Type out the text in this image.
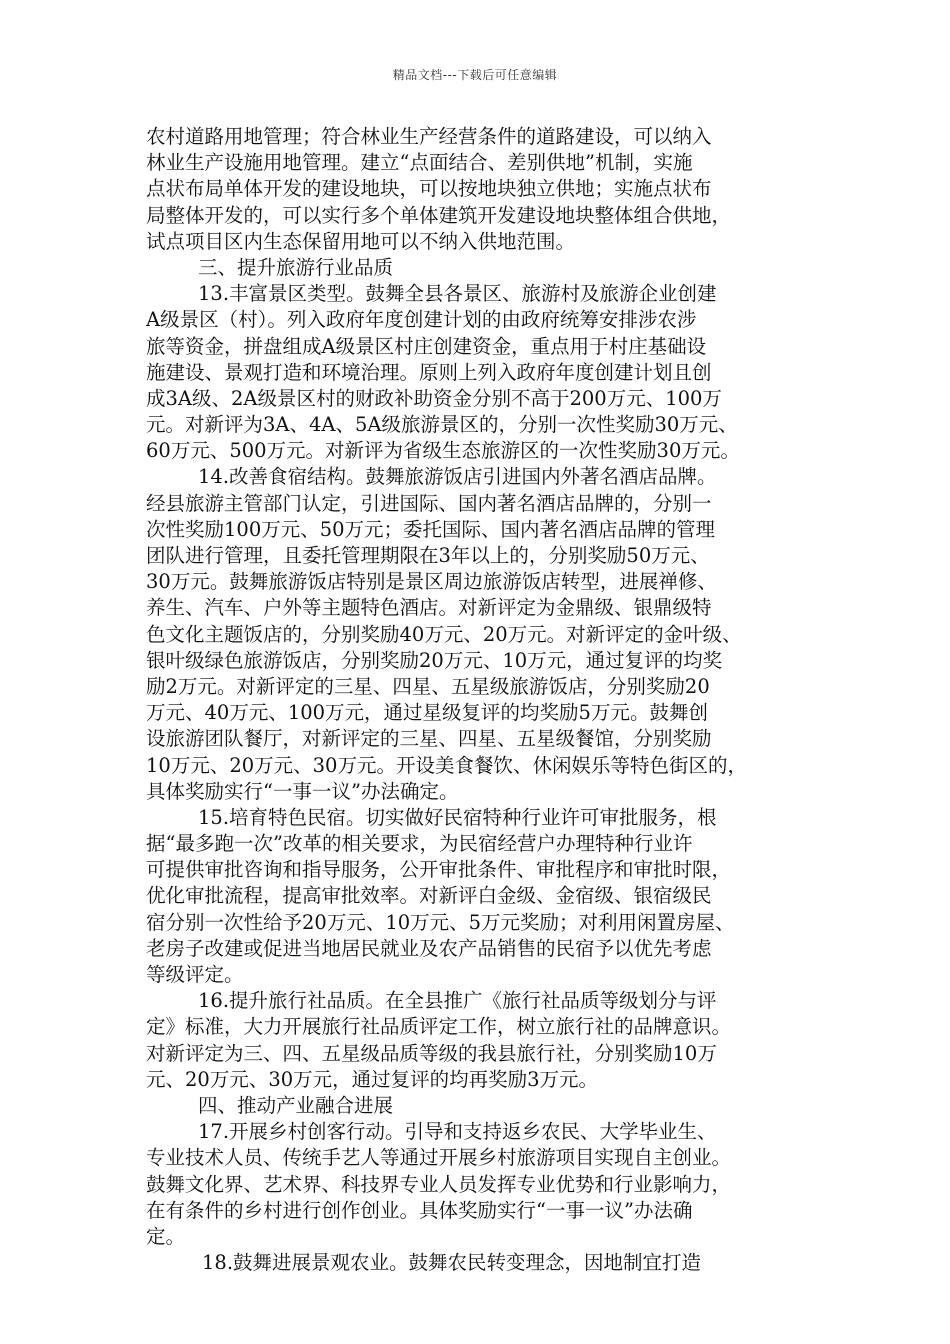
精品文档---下载后可任意编辑
农村道路用地管理；符合林业生产经营条件的道路建设，可以纳入
林业生产设施用地管理。建立“点面结合、差别供地”机制，实施
点状布局单体开发的建设地块，可以按地块独立供地；实施点状布
局整体开发的，可以实行多个单体建筑开发建设地块整体组合供地，
试点项目区内生态保留用地可以不纳入供地范围。
三、提升旅游行业品质
13.丰富景区类型。鼓舞全县各景区、旅游村及旅游企业创建
A级景区（村）。列入政府年度创建计划的由政府统筹安排涉农涉
旅等资金，拼盘组成A级景区村庄创建资金，重点用于村庄基础设
施建设、景观打造和环境治理。原则上列入政府年度创建计划且创
成3A级、2A级景区村的财政补助资金分别不高于200万元、100万
元。对新评为3A、4A、5A级旅游景区的，分别一次性奖励30万元、
60万元、500万元。对新评为省级生态旅游区的一次性奖励30万元。
14.改善食宿结构。鼓舞旅游饭店引进国内外著名酒店品牌。
经县旅游主管部门认定，引进国际、国内著名酒店品牌的，分别一
次性奖励100万元、50万元；委托国际、国内著名酒店品牌的管理
团队进行管理，且委托管理期限在3年以上的，分别奖励50万元、
30万元。鼓舞旅游饭店特别是景区周边旅游饭店转型，进展禅修、
养生、汽车、户外等主题特色酒店。对新评定为金鼎级、银鼎级特
色文化主题饭店的，分别奖励40万元、20万元。对新评定的金叶级、
银叶级绿色旅游饭店，分别奖励20万元、10万元，通过复评的均奖
励2万元。对新评定的三星、四星、五星级旅游饭店，分别奖励20
万元、40万元、100万元，通过星级复评的均奖励5万元。鼓舞创
设旅游团队餐厅，对新评定的三星、四星、五星级餐馆，分别奖励
10万元、20万元、30万元。开设美食餐饮、休闲娱乐等特色街区的，
具体奖励实行“一事一议”办法确定。
15.培育特色民宿。切实做好民宿特种行业许可审批服务，根
据“最多跑一次”改革的相关要求，为民宿经营户办理特种行业许
可提供审批咨询和指导服务，公开审批条件、审批程序和审批时限，
优化审批流程，提高审批效率。对新评白金级、金宿级、银宿级民
宿分别一次性给予20万元、10万元、5万元奖励；对利用闲置房屋、
老房子改建或促进当地居民就业及农产品销售的民宿予以优先考虑
等级评定。
16.提升旅行社品质。在全县推广《旅行社品质等级划分与评
定》标准，大力开展旅行社品质评定工作，树立旅行社的品牌意识。
对新评定为三、四、五星级品质等级的我县旅行社，分别奖励10万
元、20万元、30万元，通过复评的均再奖励3万元。
四、推动产业融合进展
17.开展乡村创客行动。引导和支持返乡农民、大学毕业生、
专业技术人员、传统手艺人等通过开展乡村旅游项目实现自主创业。
鼓舞文化界、艺术界、科技界专业人员发挥专业优势和行业影响力，
在有条件的乡村进行创作创业。具体奖励实行“一事一议”办法确
定。
18.鼓舞进展景观农业。鼓舞农民转变理念，因地制宜打造
